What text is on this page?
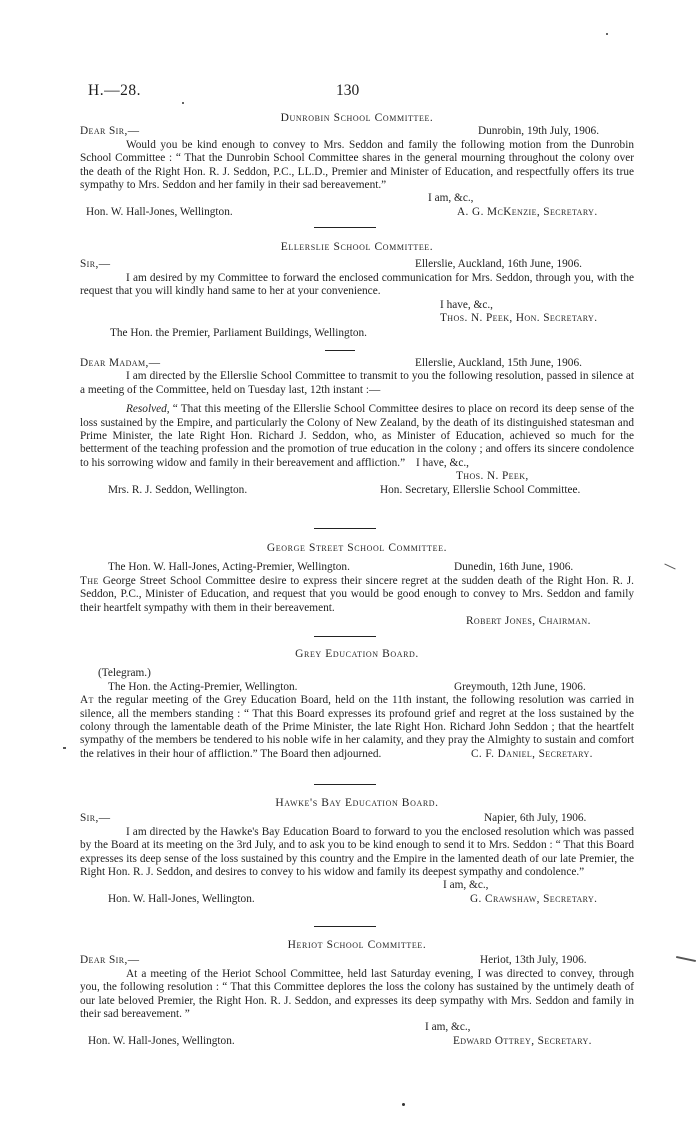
H.—28.	130
Dunrobin School Committee.
Dear Sir,—	Dunrobin, 19th July, 1906.

Would you be kind enough to convey to Mrs. Seddon and family the following motion from the Dunrobin School Committee : “ That the Dunrobin School Committee shares in the general mourning throughout the colony over the death of the Right Hon. R. J. Seddon, P.C., LL.D., Premier and Minister of Education, and respectfully offers its true sympathy to Mrs. Seddon and her family in their sad bereavement.”

I am, &c.,
Hon. W. Hall-Jones, Wellington.	A. G. McKenzie, Secretary.
Ellerslie School Committee.
Sir,—	Ellerslie, Auckland, 16th June, 1906.

I am desired by my Committee to forward the enclosed communication for Mrs. Seddon, through you, with the request that you will kindly hand same to her at your convenience.

I have, &c.,
Thos. N. Peek, Hon. Secretary.
The Hon. the Premier, Parliament Buildings, Wellington.
Dear Madam,—	Ellerslie, Auckland, 15th June, 1906.

I am directed by the Ellerslie School Committee to transmit to you the following resolution, passed in silence at a meeting of the Committee, held on Tuesday last, 12th instant :—

Resolved, “ That this meeting of the Ellerslie School Committee desires to place on record its deep sense of the loss sustained by the Empire, and particularly the Colony of New Zealand, by the death of its distinguished statesman and Prime Minister, the late Right Hon. Richard J. Seddon, who, as Minister of Education, achieved so much for the betterment of the teaching profession and the promotion of true education in the colony ; and offers its sincere condolence to his sorrowing widow and family in their bereavement and affliction.” I have, &c.,
Thos. N. Peek,
Mrs. R. J. Seddon, Wellington.	Hon. Secretary, Ellerslie School Committee.
George Street School Committee.
The Hon. W. Hall-Jones, Acting-Premier, Wellington.	Dunedin, 16th June, 1906.

The George Street School Committee desire to express their sincere regret at the sudden death of the Right Hon. R. J. Seddon, P.C., Minister of Education, and request that you would be good enough to convey to Mrs. Seddon and family their heartfelt sympathy with them in their bereavement.

Robert Jones, Chairman.
Grey Education Board.
(Telegram.)
The Hon. the Acting-Premier, Wellington.	Greymouth, 12th June, 1906.

At the regular meeting of the Grey Education Board, held on the 11th instant, the following resolution was carried in silence, all the members standing : “ That this Board expresses its profound grief and regret at the loss sustained by the colony through the lamentable death of the Prime Minister, the late Right Hon. Richard John Seddon ; that the heartfelt sympathy of the members be tendered to his noble wife in her calamity, and they pray the Almighty to sustain and comfort the relatives in their hour of affliction.” The Board then adjourned.	C. F. Daniel, Secretary.
Hawke's Bay Education Board.
Sir,—	Napier, 6th July, 1906.

I am directed by the Hawke's Bay Education Board to forward to you the enclosed resolution which was passed by the Board at its meeting on the 3rd July, and to ask you to be kind enough to send it to Mrs. Seddon : “ That this Board expresses its deep sense of the loss sustained by this country and the Empire in the lamented death of our late Premier, the Right Hon. R. J. Seddon, and desires to convey to his widow and family its deepest sympathy and condolence.”

I am, &c.,
Hon. W. Hall-Jones, Wellington.	G. Crawshaw, Secretary.
Heriot School Committee.
Dear Sir,—	Heriot, 13th July, 1906.

At a meeting of the Heriot School Committee, held last Saturday evening, I was directed to convey, through you, the following resolution : “ That this Committee deplores the loss the colony has sustained by the untimely death of our late beloved Premier, the Right Hon. R. J. Seddon, and expresses its deep sympathy with Mrs. Seddon and family in their sad bereavement. ”

I am, &c.,
Hon. W. Hall-Jones, Wellington.	Edward Ottrey, Secretary.
